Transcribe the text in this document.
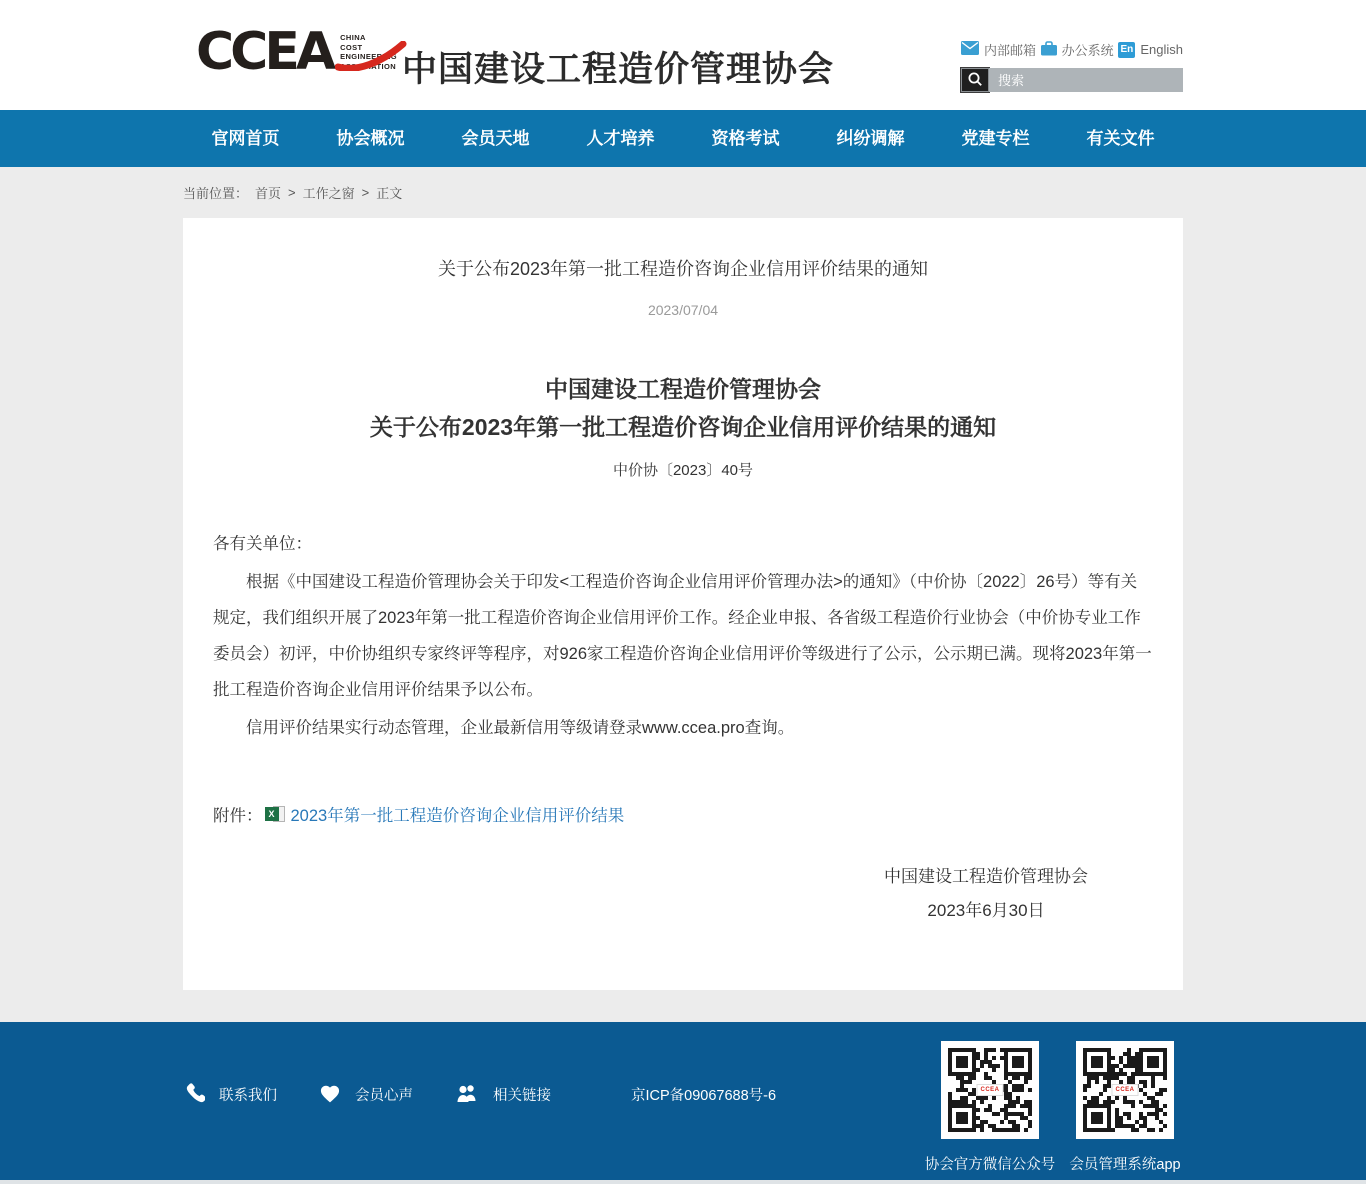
CCEA CHINA
COST
ENGINEERING
ASSOCIATION 中国建设工程造价管理协会	内部邮箱 办公系统 En English
搜索
官网首页	协会概况	会员天地	人才培养	资格考试	纠纷调解	党建专栏	有关文件
当前位置： 首页 > 工作之窗 > 正文
关于公布2023年第一批工程造价咨询企业信用评价结果的通知
2023/07/04
中国建设工程造价管理协会
关于公布2023年第一批工程造价咨询企业信用评价结果的通知
中价协〔2023〕40号
各有关单位：

根据《中国建设工程造价管理协会关于印发<工程造价咨询企业信用评价管理办法>的通知》（中价协〔2022〕26号）等有关规定，我们组织开展了2023年第一批工程造价咨询企业信用评价工作。经企业申报、各省级工程造价行业协会（中价协专业工作委员会）初评，中价协组织专家终评等程序，对926家工程造价咨询企业信用评价等级进行了公示，公示期已满。现将2023年第一批工程造价咨询企业信用评价结果予以公布。

信用评价结果实行动态管理，企业最新信用等级请登录www.ccea.pro查询。

附件： X 2023年第一批工程造价咨询企业信用评价结果
中国建设工程造价管理协会
2023年6月30日
联系我们	会员心声	相关链接	京ICP备09067688号-6	CCEA
协会官方微信公众号
CCEA
会员管理系统app
